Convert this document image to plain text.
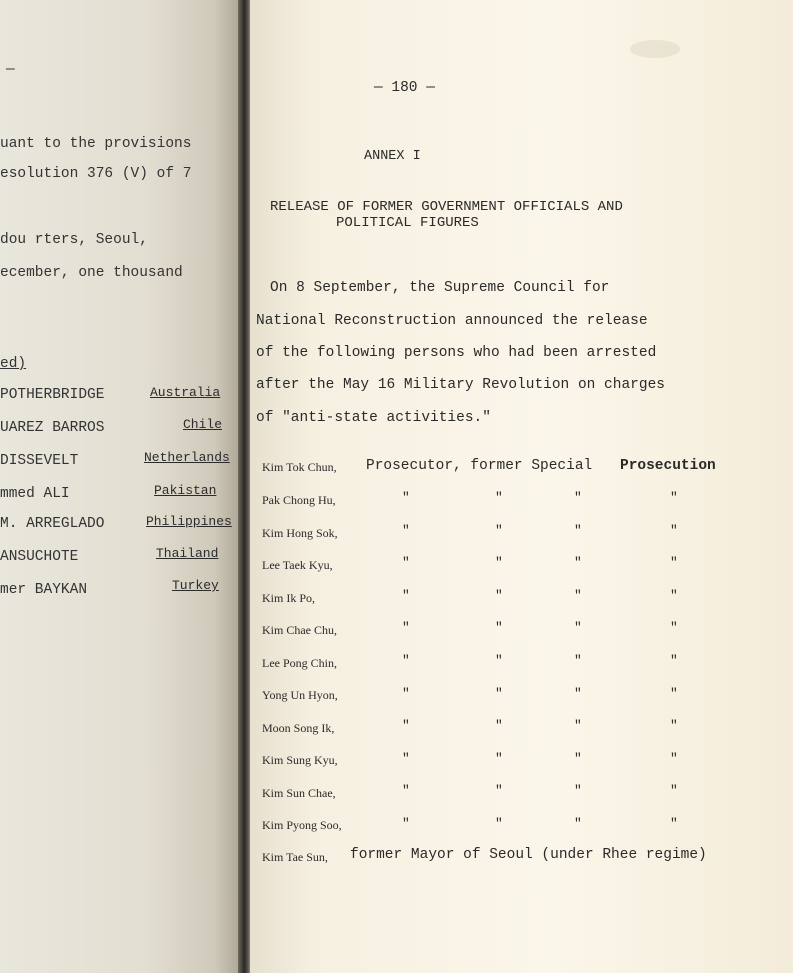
—
uant to the provisions
esolution 376 (V) of 7
dou rters, Seoul,
ecember, one thousand
ed)
POTHERBRIDGE	Australia
UAREZ BARROS	Chile
DISSEVELT	Netherlands
mmed ALI	Pakistan
M. ARREGLADO	Philippines
ANSUCHOTE	Thailand
mer BAYKAN	Turkey
— 180 —
ANNEX I
RELEASE OF FORMER GOVERNMENT OFFICIALS AND
POLITICAL FIGURES
On 8 September, the Supreme Council for
National Reconstruction announced the release
of the following persons who had been arrested
after the May 16 Military Revolution on charges
of "anti-state activities."
Kim Tok Chun, Prosecutor, former Special Prosecution
Pak Chong Hu,
Kim Hong Sok,
Lee Taek Kyu,
Kim Ik Po,
Kim Chae Chu,
Lee Pong Chin,
Yong Un Hyon,
Moon Song Ik,
Kim Sung Kyu,
Kim Sun Chae,
Kim Pyong Soo,
"	"	"	"
"	"	"	"
"	"	"	"
"	"	"	"
"	"	"	"
"	"	"	"
"	"	"	"
"	"	"	"
"	"	"	"
"	"	"	"
"	"	"	"
Kim Tae Sun, former Mayor of Seoul (under Rhee regime)
